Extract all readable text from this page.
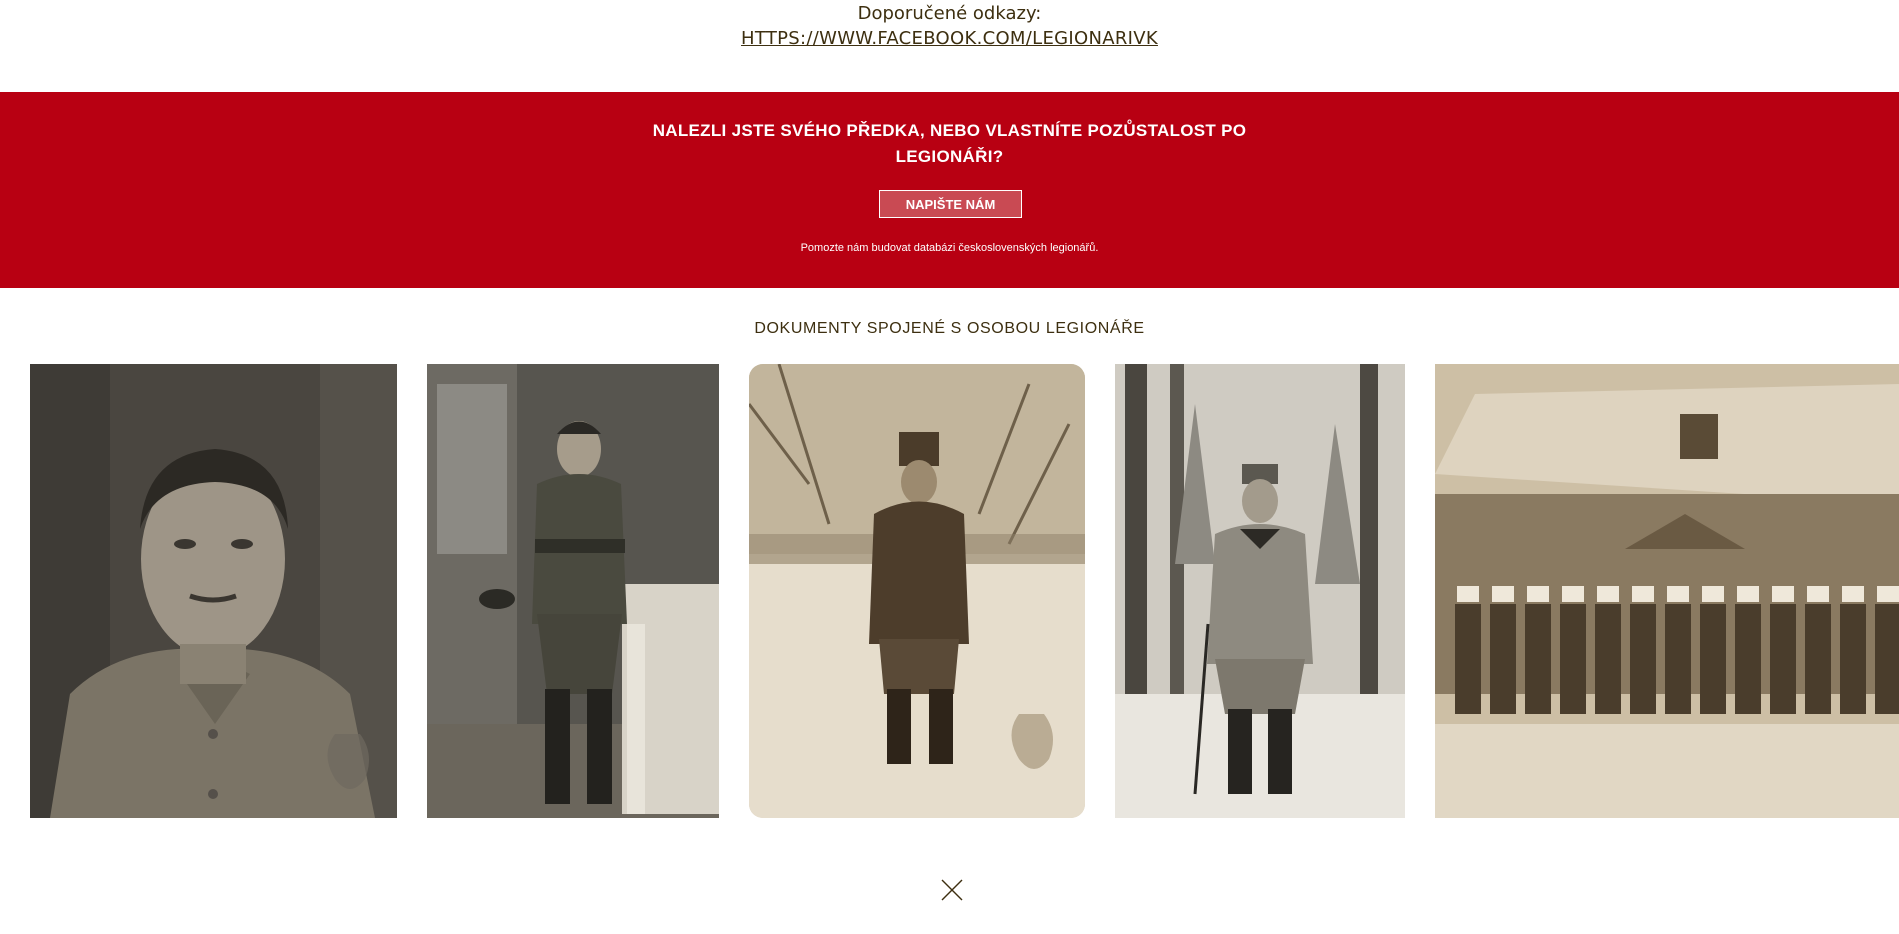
Doporučené odkazy:
HTTPS://WWW.FACEBOOK.COM/LEGIONARIVK
NALEZLI JSTE SVÉHO PŘEDKA, NEBO VLASTNÍTE POZŮSTALOST PO
LEGIONÁŘI?
NAPIŠTE NÁM
Pomozte nám budovat databázi československých legionářů.
DOKUMENTY SPOJENÉ S OSOBOU LEGIONÁŘE
